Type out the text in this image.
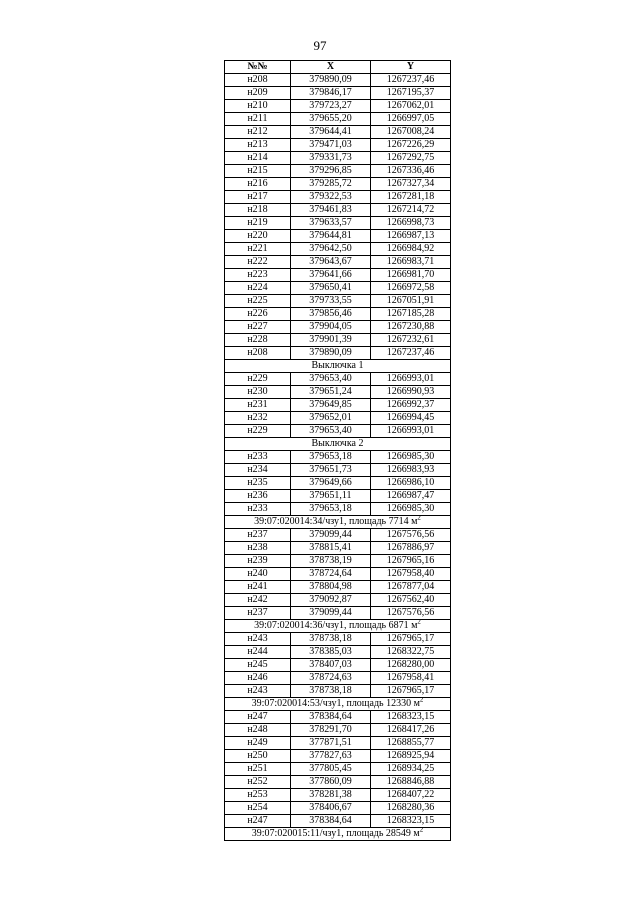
97
№№	X	Y
н208	379890,09	1267237,46
н209	379846,17	1267195,37
н210	379723,27	1267062,01
н211	379655,20	1266997,05
н212	379644,41	1267008,24
н213	379471,03	1267226,29
н214	379331,73	1267292,75
н215	379296,85	1267336,46
н216	379285,72	1267327,34
н217	379322,53	1267281,18
н218	379461,83	1267214,72
н219	379633,57	1266998,73
н220	379644,81	1266987,13
н221	379642,50	1266984,92
н222	379643,67	1266983,71
н223	379641,66	1266981,70
н224	379650,41	1266972,58
н225	379733,55	1267051,91
н226	379856,46	1267185,28
н227	379904,05	1267230,88
н228	379901,39	1267232,61
н208	379890,09	1267237,46
Выключка 1		
н229	379653,40	1266993,01
н230	379651,24	1266990,93
н231	379649,85	1266992,37
н232	379652,01	1266994,45
н229	379653,40	1266993,01
Выключка 2		
н233	379653,18	1266985,30
н234	379651,73	1266983,93
н235	379649,66	1266986,10
н236	379651,11	1266987,47
н233	379653,18	1266985,30
39:07:020014:34/чзу1, площадь 7714 $м^2$
н237	379099,44	1267576,56
н238	378815,41	1267886,97
н239	378738,19	1267965,16
н240	378724,64	1267958,40
н241	378804,98	1267877,04
н242	379092,87	1267562,40
н237	379099,44	1267576,56
39:07:020014:36/чзу1, площадь 6871 $м^2$
н243	378738,18	1267965,17
н244	378385,03	1268322,75
н245	378407,03	1268280,00
н246	378724,63	1267958,41
н243	378738,18	1267965,17
39:07:020014:53/чзу1, площадь 12330 $м^2$
н247	378384,64	1268323,15
н248	378291,70	1268417,26
н249	377871,51	1268855,77
н250	377827,63	1268925,94
н251	377805,45	1268934,25
н252	377860,09	1268846,88
н253	378281,38	1268407,22
н254	378406,67	1268280,36
н247	378384,64	1268323,15
39:07:020015:11/чзу1, площадь 28549 $м^2$
